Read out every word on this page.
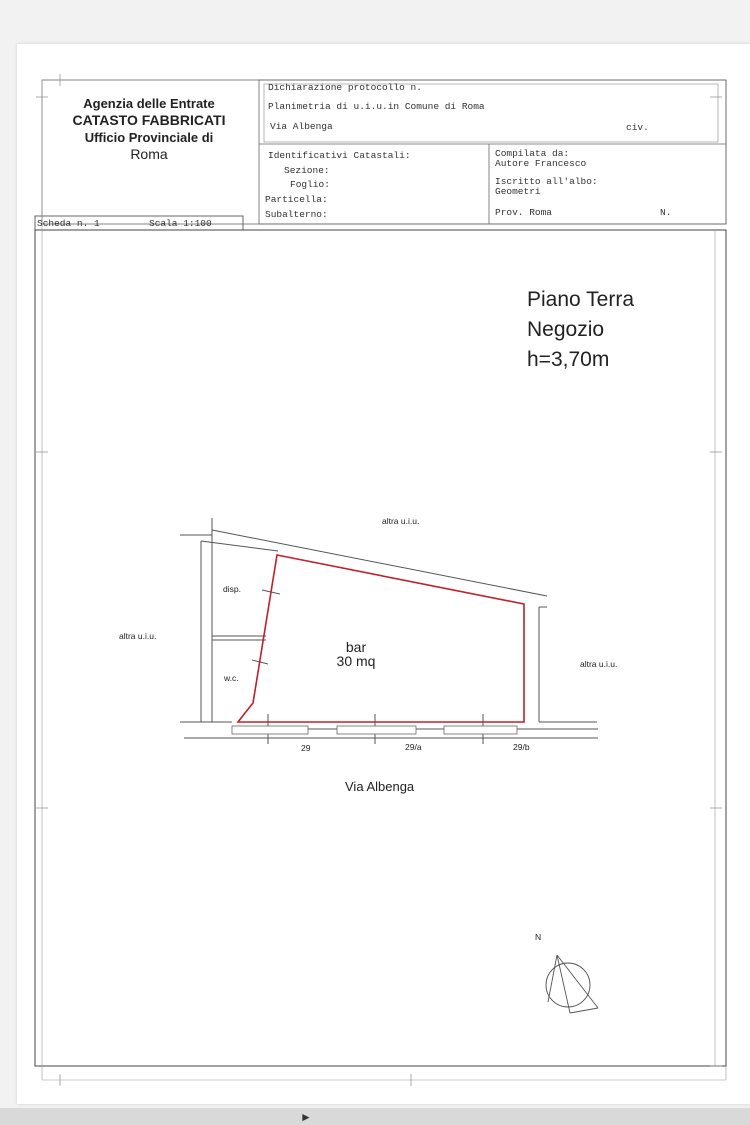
Agenzia delle Entrate
CATASTO FABBRICATI
Ufficio Provinciale di
Roma
Dichiarazione protocollo n.
Planimetria di u.i.u.in Comune di Roma
Via Albenga	civ.
Identificativi Catastali:
Sezione:
Foglio:
Particella:
Subalterno:
Compilata da:
Autore Francesco
Iscritto all'albo:
Geometri
Prov. Roma	N.
Scheda n. 1	Scala 1:100
Piano Terra
Negozio
h=3,70m
altra u.i.u.
altra u.i.u.
altra u.i.u.
disp.
w.c.
bar
30 mq
29	29/a	29/b
Via Albenga
N
►
